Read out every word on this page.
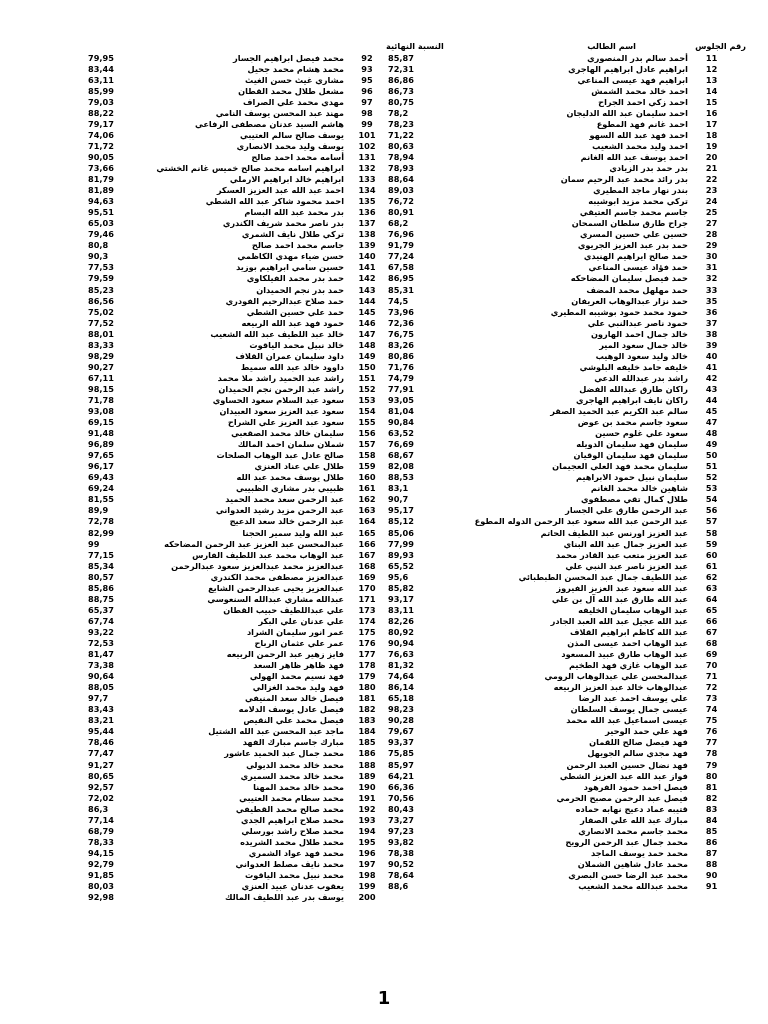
النسبة النهائية	اسم الطالب	رقم الجلوس
85,87	أحمد سالم بدر المنصوري	11
72,31	ابراهيم عادل ابراهيم الهاجري	12
86,86	ابراهيم فهد عيسى المناعي	13
86,73	احمد خالد محمد الشمش	14
80,75	احمد زكي احمد الجراح	15
78,2	احمد سليمان عبد الله الدليجان	16
78,23	احمد غانم فهد المطوع	17
71,22	احمد فهد عبد الله السهو	18
80,63	احمد وليد محمد الشعيب	19
78,94	احمد يوسف عبد الله الغانم	20
78,93	بدر حمد بدر الزيادي	21
88,64	بدر رائد محمد عبد الرحيم سمان	22
89,03	بندر نهار ماجد المطيري	23
76,72	تركي محمد مزيد ابوشيبه	24
80,91	جاسم محمد جاسم العتيقي	25
68,2	جراح طارق سلطان السمحان	27
76,96	حسين علي حسين المسري	28
91,79	حمد بدر عبد العزيز الجريوي	29
77,24	حمد صالح ابراهيم الهنيدي	30
67,58	حمد فؤاد عيسى المناعي	31
86,95	حمد فيصل سليمان المضاحكه	32
85,31	حمد مهلهل محمد المضف	33
74,5	حمد نزار عبدالوهاب العريفان	35
73,96	حمود محمد حمود بوشيبه المطيري	36
72,36	حمود ناصر عبدالنبي علي	37
76,75	خالد جمال احمد الهارون	38
83,26	خالد جمال سعود المير	39
80,86	خالد وليد سعود الوهيب	40
71,76	خليفه حامد خليفه البلوشي	41
74,79	راشد بدر عبدالله الدعي	42
77,91	راكان طارق عبدالله الفضل	43
93,05	راكان نايف ابراهيم الهاجري	44
81,04	سالم عبد الكريم عبد الحميد الصقر	45
90,84	سعود جاسم محمد بن عوض	47
63,52	سعود علي غلوم حسين	48
76,69	سليمان فهد سليمان الدويله	49
68,67	سليمان فهد سليمان الوقيان	50
82,08	سليمان محمد فهد العلي العجيمان	51
88,53	سليمان نبيل حمود الابراهيم	52
83,1	شاهين خالد محمد الغانم	53
90,7	طلال كمال تقي مصطفوي	54
95,17	عبد الرحمن طارق علي الجسار	56
85,12	عبد الرحمن عبد الله سعود عبد الرحمن الدوله المطوع	57
85,06	عبد العزيز اورنس عبد اللطيف الحاتم	58
77,99	عبد العزيز جمال عبد الله البناي	59
89,93	عبد العزيز متعب عبد القادر محمد	60
65,52	عبد العزيز ناصر عبد النبي علي	61
95,6	عبد اللطيف جمال عبد المحسن الطبطبائي	62
85,82	عبد الله سعود عبد العزيز الفيروز	63
93,17	عبد الله طارق عبد الله آل بن علي	64
83,11	عبد الوهاب سليمان الخليفه	65
82,26	عبد الله عجيل عبد الله العبد الجادر	66
80,92	عبد الله كاظم ابراهيم القلاف	67
90,94	عبد الوهاب احمد عيسى المذن	68
76,63	عبد الوهاب طارق عبيد المسعود	69
81,32	عبد الوهاب غازي فهد الطخيم	70
74,64	عبدالمحسن علي عبدالوهاب الرومي	71
86,14	عبدالوهاب خالد عبد العزيز الربيعه	72
65,18	علي يوسف احمد عبد الرضا	73
98,23	عيسى جمال يوسف السلطان	74
90,28	عيسى اسماعيل عبد الله محمد	75
79,67	فهد علي حمد الوحير	76
93,37	فهد فيصل صالح اللقمان	77
75,85	فهد مجدي سالم الجويهل	78
85,97	فهد نضال حسين العبد الرحمن	79
64,21	فواز عبد الله عبد العزيز الشطي	80
66,36	فيصل احمد حمود الفرهود	81
70,56	فيصل عبد الرحمن مصبح الحرمي	82
80,43	قتيبه عماد دعيج نهابه حماده	83
73,27	مبارك عبد الله علي الصفار	84
97,23	محمد جاسم محمد الانصاري	85
93,82	محمد جمال عبد الرحمن الرويح	86
78,38	محمد حمد يوسف الماجد	87
90,52	محمد عادل شاهين الشملان	88
78,64	محمد عبد الرضا حسن البصري	90
88,6	محمد عبدالله محمد الشعيب	91
79,95	محمد فيصل ابراهيم الجسار	92
83,44	محمد هشام محمد جحيل	93
63,11	مشاري غيث حسن الغيث	95
85,99	مشعل طلال محمد القطان	96
79,03	مهدي محمد علي الصراف	97
88,22	مهند عبد المحسن يوسف النامي	98
79,17	هاشم السيد عدنان مصطفى الرفاعي	99
74,06	يوسف صالح سالم العتيبي	101
71,72	يوسف وليد محمد الانصاري	102
90,05	أسامه محمد احمد صالح	131
73,66	ابراهيم اسامه محمد صالح خميس غانم الخشتي	132
81,79	ابراهيم خالد ابراهيم الارملي	133
81,89	احمد عبد الله عبد العزيز العسكر	134
94,63	احمد محمود شاكر عبد الله الشطي	135
95,51	بدر محمد عبد الله البسام	136
65,03	بدر ناصر محمد شريف الكندري	137
79,46	تركي طلال نايف الشمري	138
80,8	جاسم محمد احمد صالح	139
90,3	حسن ضياء مهدي الكاظمي	140
77,53	حسين سامي ابراهيم بوزيد	141
79,59	حمد بدر محمد الفيلكاوي	142
85,23	حمد بدر نجم الحميدان	143
86,56	حمد صلاح عبدالرحيم الفودري	144
75,02	حمد علي حسين الشطي	145
77,52	حمود فهد عبد الله الربيعه	146
88,01	خالد عبد اللطيف عبد الله الشعيب	147
83,33	خالد نبيل محمد الياقوت	148
98,29	داود سليمان عمران القلاف	149
90,27	داوود خالد عبد الله سميط	150
67,11	راشد عبد الحميد راشد ملا محمد	151
98,15	راشد عبد الرحمن نجم الحميدان	152
71,78	سعود عبد السلام سعود الحساوي	153
93,08	سعود عبد العزيز سعود العبيدان	154
69,15	سعود عبد العزيز علي الشراح	155
91,48	سليمان خالد محمد الصقعبي	156
96,89	شملان سلمان احمد المالك	157
97,65	صالح عادل عبد الوهاب الصلحات	158
96,17	طلال علي عناد العنزي	159
69,43	طلال يوسف محمد عبد الله	160
69,24	ظبيبي بدر مشاري الظبيبي	161
81,55	عبد الرحمن سعد محمد الحميد	162
89,9	عبد الرحمن مزيد رشيد العدواني	163
72,78	عبد الرحمن خالد سعد الدعيج	164
82,99	عبد الله وليد سمير الحجنا	165
99	عبدالمحسن عبد العزيز عبد الرحمن المضاحكه	166
77,15	عبد الوهاب محمد عبد اللطيف الفارس	167
85,34	عبدالعزيز محمد عبدالعزيز سعود عبدالرحمن	168
80,57	عبدالعزيز مصطفى محمد الكندري	169
85,86	عبدالعزيز يحيى عبدالرحمن الشايع	170
88,75	عبدالله مشاري عبدالله السنعوسي	171
65,37	علي عبداللطيف حبيب القطان	173
67,74	علي عدنان علي البكر	174
93,22	عمر انور سليمان الشراد	175
72,53	عمر علي عثمان الرباح	176
81,47	فايز زهير عبد الرحمن الربيعه	177
73,38	فهد ظاهر ظاهر السعد	178
90,64	فهد نسيم محمد الهولي	179
88,05	فهد وليد محمد الغزالي	180
97,7	فيصل خالد سعد المنيفي	181
83,43	فيصل عادل يوسف الدلامه	182
83,21	فيصل محمد علي النقيص	183
95,44	ماجد عبد المحسن عبد الله الشتيل	184
78,46	مبارك جاسم مبارك الفهد	185
77,47	محمد جمال عبد الحميد عاشور	186
91,27	محمد خالد محمد الديولي	188
80,65	محمد خالد محمد السميري	189
92,57	محمد خالد محمد المهنا	190
72,02	محمد سطام محمد العتيبي	191
86,3	محمد صالح محمد القطيفي	192
77,14	محمد صلاح ابراهيم الجدي	193
68,79	محمد صلاح راشد بورسلي	194
78,33	محمد طلال محمد الشريده	195
94,15	محمد فهد عواد الشمري	196
92,79	محمد نايف مصلط العدواني	197
91,85	محمد نبيل محمد الياقوت	198
80,03	يعقوب عدنان عبيد العنزي	199
92,98	يوسف بدر عبد اللطيف المالك	200
1
